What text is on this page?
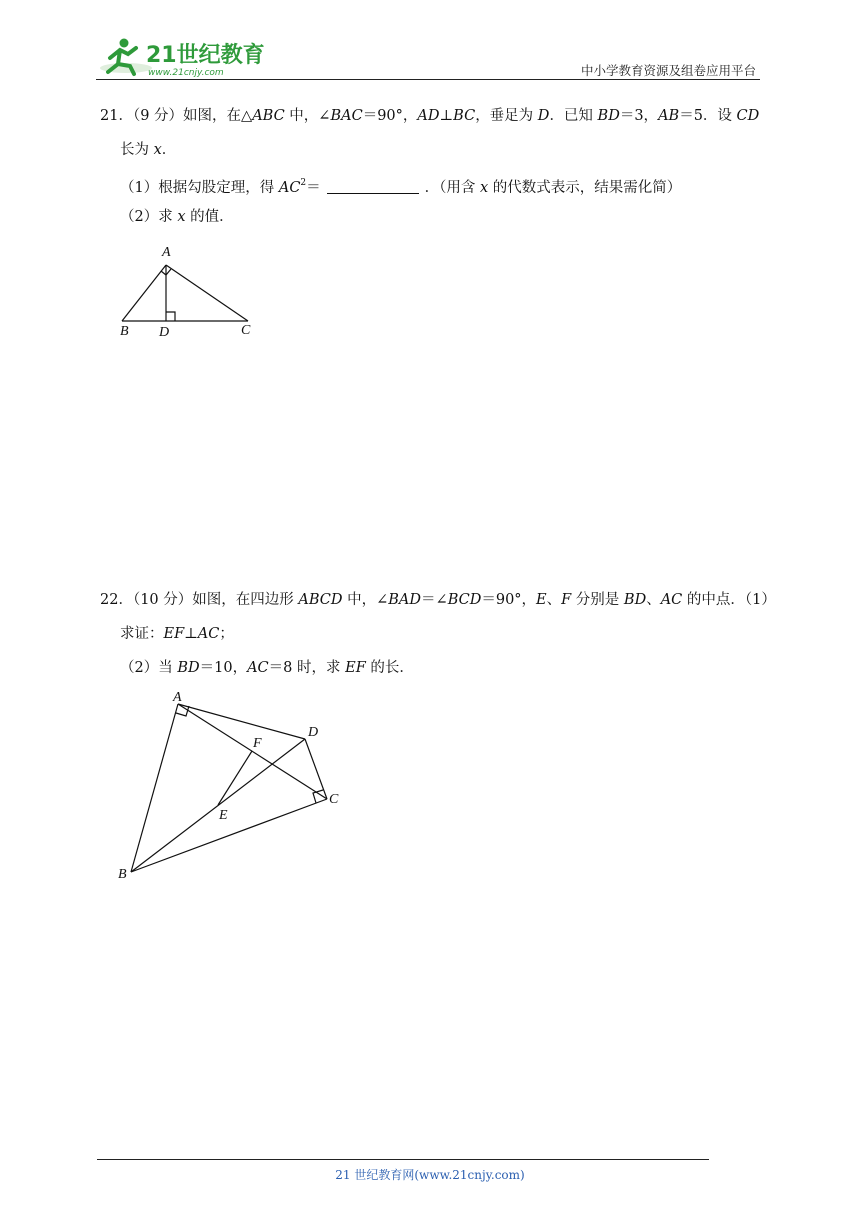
21世纪教育
www.21cnjy.com	中小学教育资源及组卷应用平台
21．（9 分）如图，在△ABC 中，∠BAC＝90°，AD⊥BC，垂足为 D．已知 BD＝3，AB＝5．设 CD
长为 x．
（1）根据勾股定理，得 $AC^2=$	．（用含 x 的代数式表示，结果需化简）
（2）求 x 的值．
A
B D	C
22．（10 分）如图，在四边形 ABCD 中，∠BAD＝∠BCD＝90°，E、F 分别是 BD、AC 的中点．（1）
求证：EF⊥AC；
（2）当 BD＝10，AC＝8 时，求 EF 的长．
A
B
C
D
E
F
21 世纪教育网(www.21cnjy.com)
